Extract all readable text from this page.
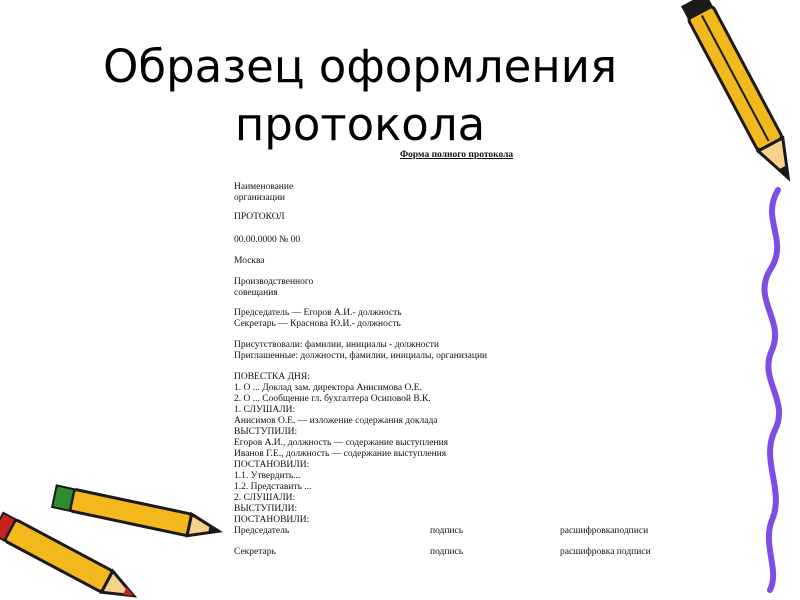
Образец оформления
протокола
Форма полного протокола
Наименование
организации
ПРОТОКОЛ
00.00.0000 № 00
Москва
Производственного
совещания
Председатель — Егоров А.И.- должность
Секретарь — Краснова Ю.И.- должность
Присутствовали: фамилии, инициалы - должности
Приглашенные: должности, фамилии, инициалы, организации
ПОВЕСТКА ДНЯ:
1. О ... Доклад зам. директора Анисимова О.Е.
2. О ... Сообщение гл. бухгалтера Осиповой В.К.
1. СЛУШАЛИ:
Анисимов О.Е. — изложение содержания доклада
ВЫСТУПИЛИ:
Егоров А.И., должность — содержание выступления
Иванов Г.Е., должность — содержание выступления
ПОСТАНОВИЛИ:
1.1. Утвердить...
1.2. Представить ...
2. СЛУШАЛИ:
ВЫСТУПИЛИ:
ПОСТАНОВИЛИ:
Председатель	подпись	расшифровкаподписи
Секретарь	подпись	расшифровка подписи
